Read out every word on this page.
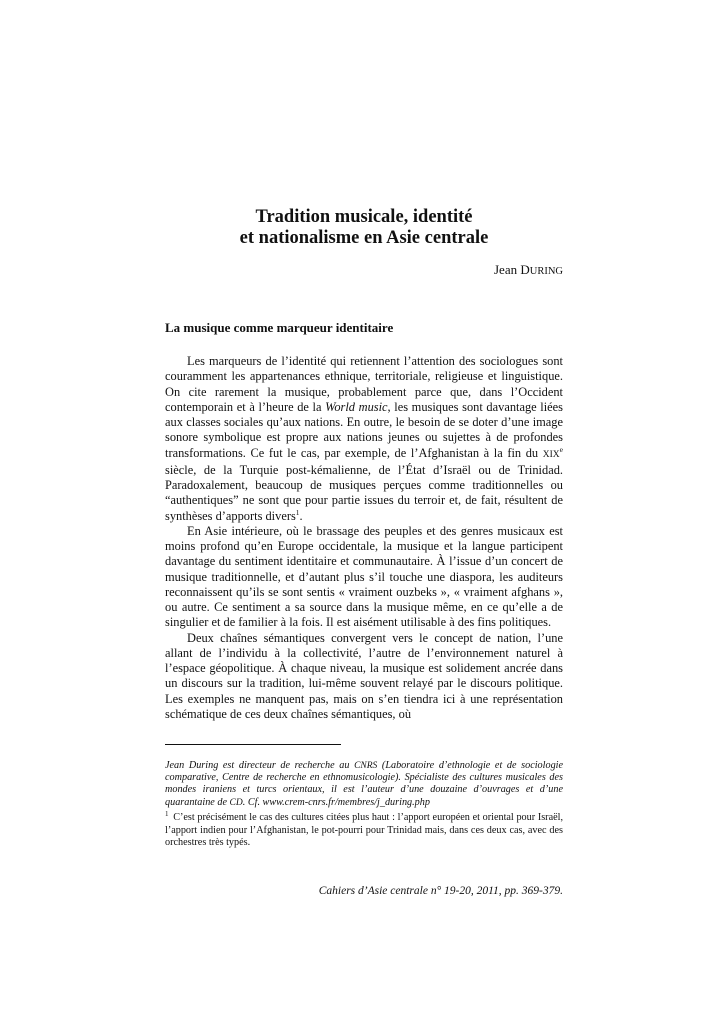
Tradition musicale, identité
et nationalisme en Asie centrale
Jean DURING
La musique comme marqueur identitaire

Les marqueurs de l’identité qui retiennent l’attention des sociologues sont couramment les appartenances ethnique, territoriale, religieuse et linguistique. On cite rarement la musique, probablement parce que, dans l’Occident contemporain et à l’heure de la World music, les musiques sont davantage liées aux classes sociales qu’aux nations. En outre, le besoin de se doter d’une image sonore symbolique est propre aux nations jeunes ou sujettes à de profondes transformations. Ce fut le cas, par exemple, de l’Afghanistan à la fin du XIXe siècle, de la Turquie post-kémalienne, de l’État d’Israël ou de Trinidad. Paradoxalement, beaucoup de musiques perçues comme traditionnelles ou “authentiques” ne sont que pour partie issues du terroir et, de fait, résultent de synthèses d’apports divers$^1$.

En Asie intérieure, où le brassage des peuples et des genres musicaux est moins profond qu’en Europe occidentale, la musique et la langue participent davantage du sentiment identitaire et communautaire. À l’issue d’un concert de musique traditionnelle, et d’autant plus s’il touche une diaspora, les auditeurs reconnaissent qu’ils se sont sentis « vraiment ouzbeks », « vraiment afghans », ou autre. Ce sentiment a sa source dans la musique même, en ce qu’elle a de singulier et de familier à la fois. Il est aisément utilisable à des fins politiques.

Deux chaînes sémantiques convergent vers le concept de nation, l’une allant de l’individu à la collectivité, l’autre de l’environnement naturel à l’espace géopolitique. À chaque niveau, la musique est solidement ancrée dans un discours sur la tradition, lui-même souvent relayé par le discours politique. Les exemples ne manquent pas, mais on s’en tiendra ici à une représentation schématique de ces deux chaînes sémantiques, où

Jean During est directeur de recherche au CNRS (Laboratoire d’ethnologie et de sociologie comparative, Centre de recherche en ethnomusicologie). Spécialiste des cultures musicales des mondes iraniens et turcs orientaux, il est l’auteur d’une douzaine d’ouvrages et d’une quarantaine de CD. Cf. www.crem-cnrs.fr/membres/j_during.php
$^1$ C’est précisément le cas des cultures citées plus haut : l’apport européen et oriental pour Israël, l’apport indien pour l’Afghanistan, le pot-pourri pour Trinidad mais, dans ces deux cas, avec des orchestres très typés.
Cahiers d’Asie centrale n° 19-20, 2011, pp. 369-379.
